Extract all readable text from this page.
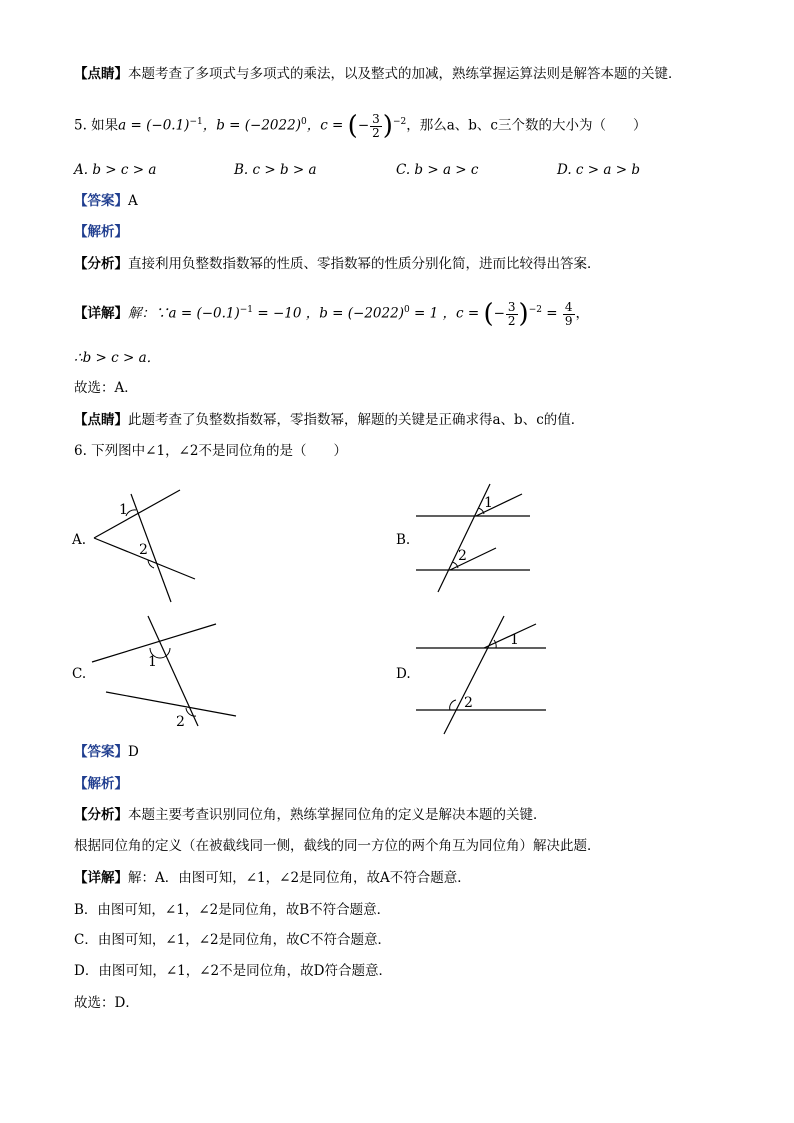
【点睛】本题考查了多项式与多项式的乘法，以及整式的加减，熟练掌握运算法则是解答本题的关键．
5. 如果$a = (-0.1)^{-1}$，$b = (-2022)^0$，c = (− $\frac{3}{2} )^{-2}$，那么a、b、c三个数的大小为（　　）
A. b > c > a	B. c > b > a	C. b > a > c	D. c > a > b
【答案】A
【解析】
【分析】直接利用负整数指数幂的性质、零指数幂的性质分别化简，进而比较得出答案．
【详解】解：∵a = $(-0.1)^{-1} = -10$ ，$b = (-2022)^0 = 1$ ，c = (− $\frac{3}{2} )^{-2} = \frac{4}{9}$ ，
∴b > c > a．
故选：A．
【点睛】此题考查了负整数指数幂，零指数幂，解题的关键是正确求得a、b、c的值．
6. 下列图中∠1，∠2不是同位角的是（　　）
A.
1
2
B.
1
2
C.
1
2
D.
1
2
【答案】D
【解析】
【分析】本题主要考查识别同位角，熟练掌握同位角的定义是解决本题的关键．
根据同位角的定义（在被截线同一侧，截线的同一方位的两个角互为同位角）解决此题．
【详解】解：A．由图可知，∠1，∠2是同位角，故A不符合题意．
B．由图可知，∠1，∠2是同位角，故B不符合题意．
C．由图可知，∠1，∠2是同位角，故C不符合题意．
D．由图可知，∠1，∠2不是同位角，故D符合题意．
故选：D．
